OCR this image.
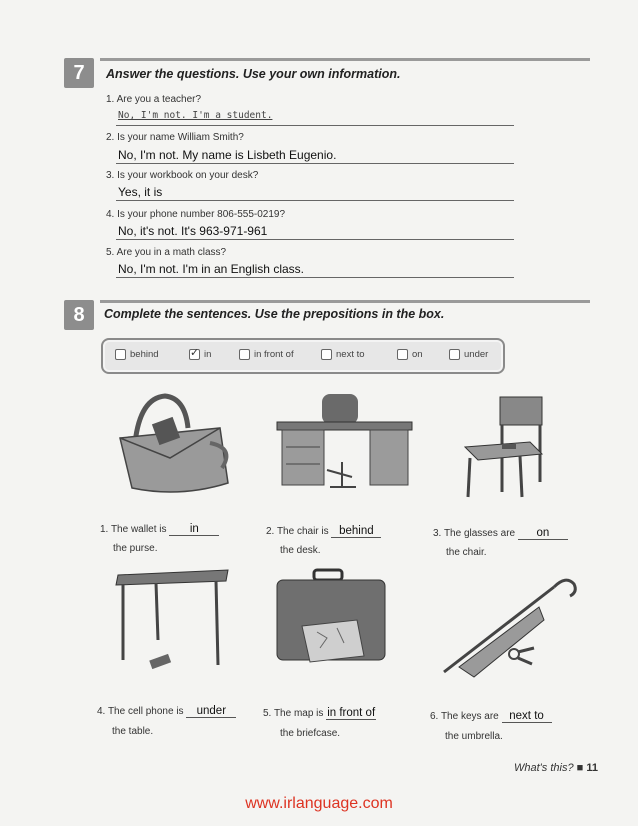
7	Answer the questions. Use your own information.
1. Are you a teacher?
No, I'm not. I'm a student.
2. Is your name William Smith?
No, I'm not. My name is Lisbeth Eugenio.
3. Is your workbook on your desk?
Yes, it is
4. Is your phone number 806-555-0219?
No, it's not. It's 963-971-961
5. Are you in a math class?
No, I'm not. I'm in an English class.
8	Complete the sentences. Use the prepositions in the box.
behind
✓	in	in front of	next to	on	under
1. The wallet is in
the purse.
2. The chair is behind
the desk.
3. The glasses are on
the chair.
4. The cell phone is under
the table.
5. The map is in front of
the briefcase.
6. The keys are next to
the umbrella.
What's this? ■ 11
www.irlanguage.com
